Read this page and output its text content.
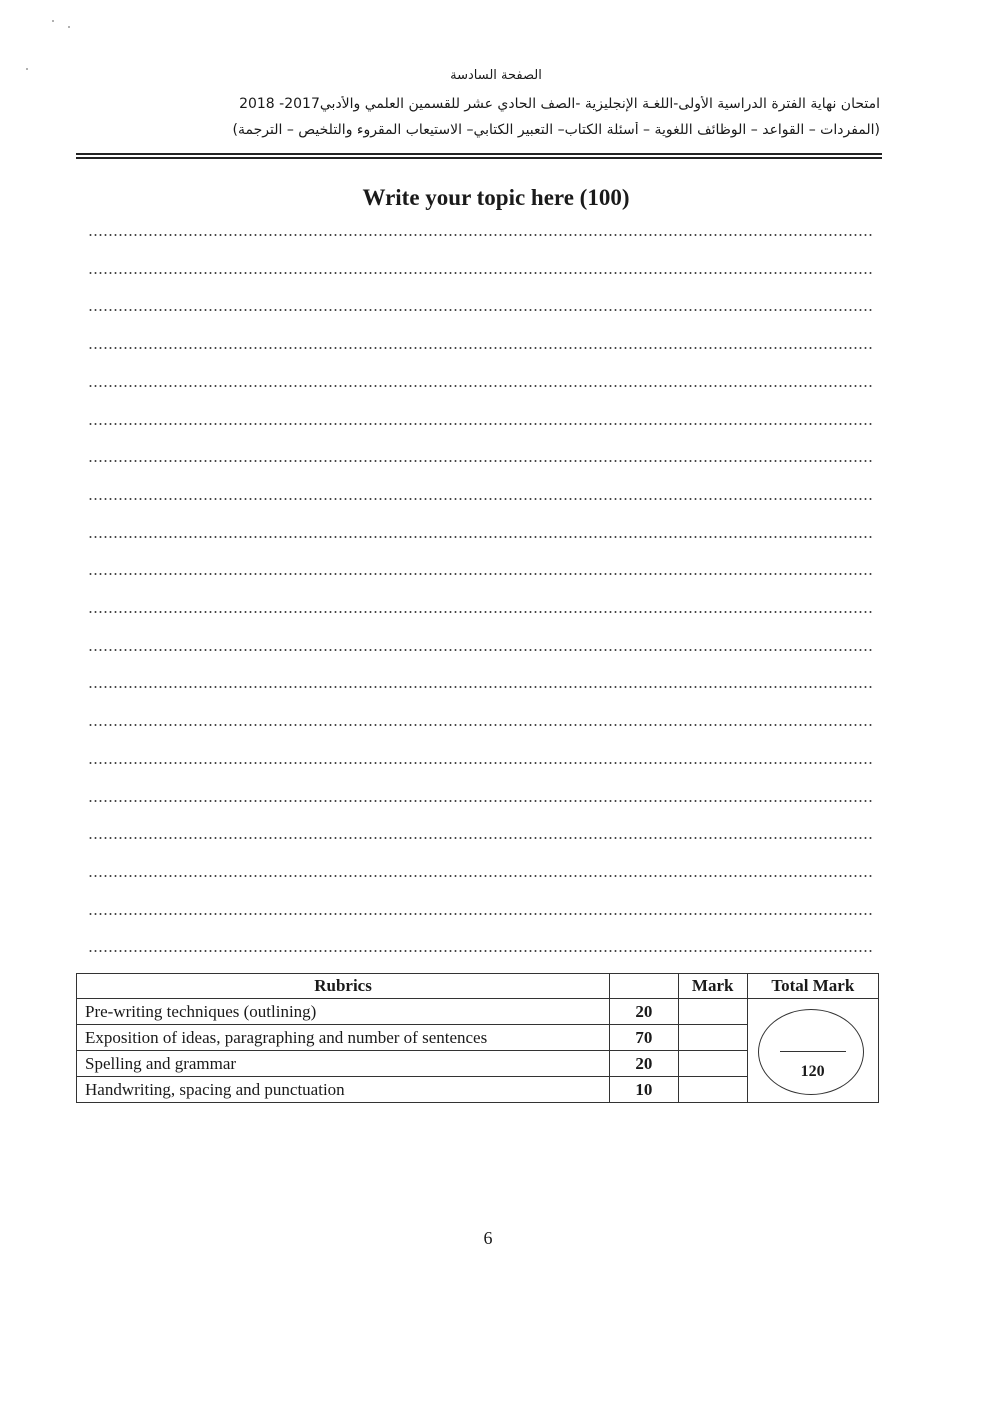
الصفحة السادسة
امتحان نهاية الفترة الدراسية الأولى-اللغـة الإنجليزية -الصف الحادي عشر للقسمين العلمي والأدبي2017- 2018
(المفردات – القواعد – الوظائف اللغوية – أسئلة الكتاب– التعبير الكتابي– الاستيعاب المقروء والتلخيص – الترجمة)
Write your topic here (100)
Rubrics		Mark	Total Mark
Pre-writing techniques (outlining)	20		120

Exposition of ideas, paragraphing and number of sentences	70		
Spelling and grammar	20		
Handwriting, spacing and punctuation	10		
6
